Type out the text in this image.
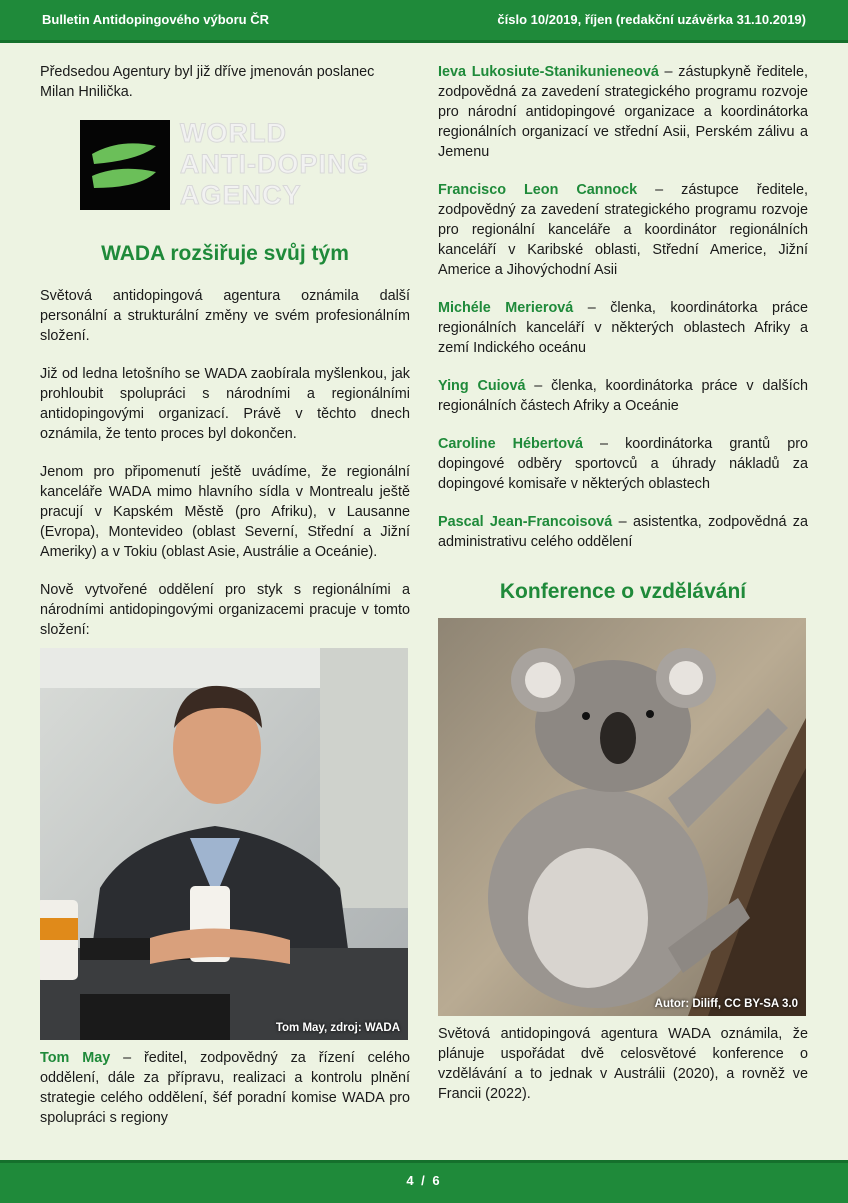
Bulletin Antidopingového výboru ČR	číslo 10/2019, říjen (redakční uzávěrka 31.10.2019)

Předsedou Agentury byl již dříve jmenován poslanec Milan Hnilička.

WORLD
ANTI-DOPING
AGENCY
WADA rozšiřuje svůj tým

Světová antidopingová agentura oznámila další personální a strukturální změny ve svém profesionálním složení.

Již od ledna letošního se WADA zaobírala myšlenkou, jak prohloubit spolupráci s národními a regionálními antidopingovými organizací. Právě v těchto dnech oznámila, že tento proces byl dokončen.

Jenom pro připomenutí ještě uvádíme, že regionální kanceláře WADA mimo hlavního sídla v Montrealu ještě pracují v Kapském Městě (pro Afriku), v Lausanne (Evropa), Montevideo (oblast Severní, Střední a Jižní Ameriky) a v Tokiu (oblast Asie, Austrálie a Oceánie).

Nově vytvořené oddělení pro styk s regionálními a národními antidopingovými organizacemi pracuje v tomto složení:

Tom May, zdroj: WADA

Tom May – ředitel, zodpovědný za řízení celého oddělení, dále za přípravu, realizaci a kontrolu plnění strategie celého oddělení, šéf poradní komise WADA pro spolupráci s regiony

Ieva Lukosiute-Stanikunieneová – zástupkyně ředitele, zodpovědná za zavedení strategického programu rozvoje pro národní antidopingové organizace a koordinátorka regionálních organizací ve střední Asii, Perském zálivu a Jemenu

Francisco Leon Cannock – zástupce ředitele, zodpovědný za zavedení strategického programu rozvoje pro regionální kanceláře a koordinátor regionálních kanceláří v Karibské oblasti, Střední Americe, Jižní Americe a Jihovýchodní Asii

Michéle Merierová – členka, koordinátorka práce regionálních kanceláří v některých oblastech Afriky a zemí Indického oceánu

Ying Cuiová – členka, koordinátorka práce v dalších regionálních částech Afriky a Oceánie

Caroline Hébertová – koordinátorka grantů pro dopingové odběry sportovců a úhrady nákladů za dopingové komisaře v některých oblastech

Pascal Jean-Francoisová – asistentka, zodpovědná za administrativu celého oddělení

Konference o vzdělávání
Autor: Diliff, CC BY-SA 3.0

Světová antidopingová agentura WADA oznámila, že plánuje uspořádat dvě celosvětové konference o vzdělávání a to jednak v Austrálii (2020), a rovněž ve Francii (2022).

4 / 6
